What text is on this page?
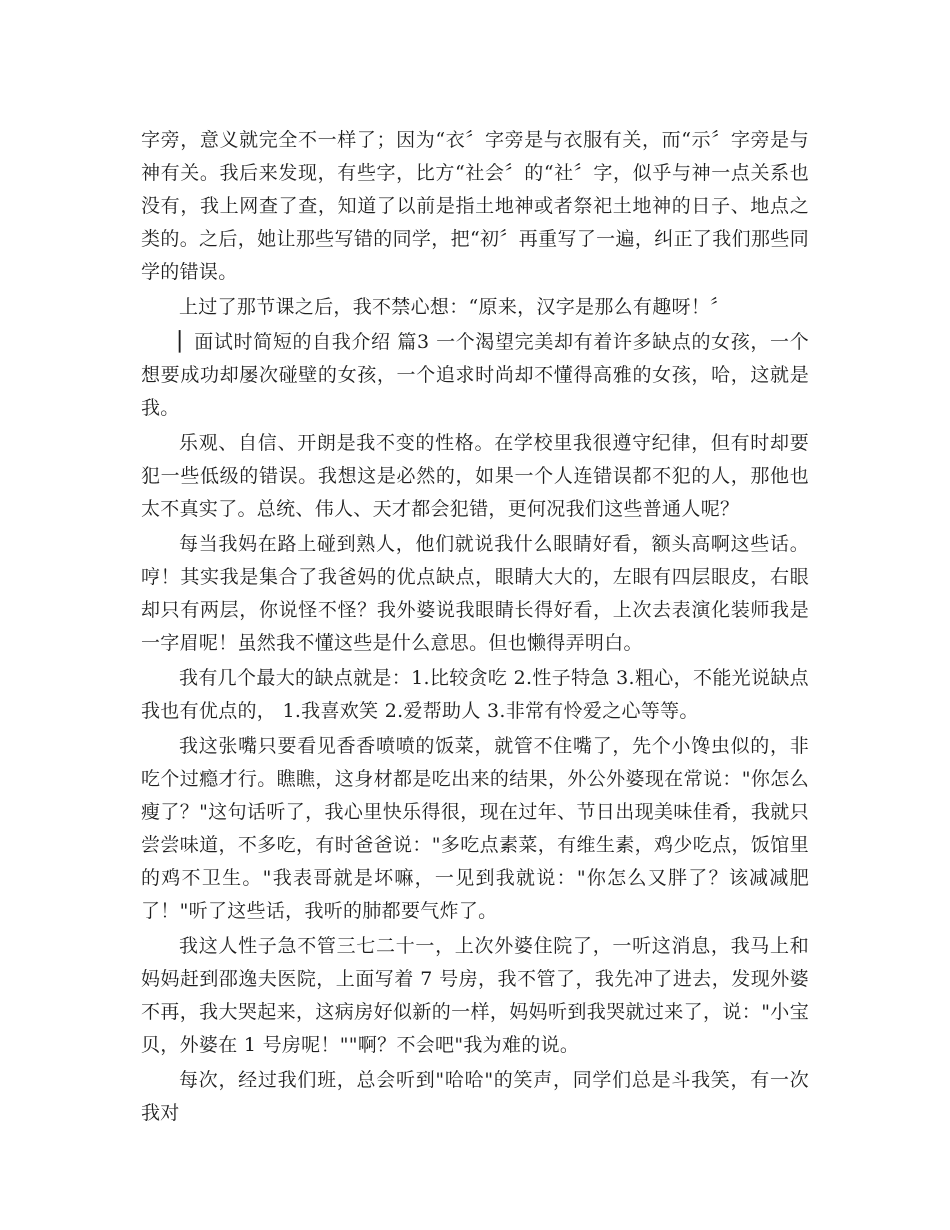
字旁，意义就完全不一样了；因为“衣〞字旁是与衣服有关，而“示〞字旁是与神有关。我后来发现，有些字，比方“社会〞的“社〞字，似乎与神一点关系也没有，我上网查了查，知道了以前是指土地神或者祭祀土地神的日子、地点之类的。之后，她让那些写错的同学，把“初〞再重写了一遍，纠正了我们那些同学的错误。

上过了那节课之后，我不禁心想：“原来，汉字是那么有趣呀！〞

▏面试时简短的自我介绍 篇3 一个渴望完美却有着许多缺点的女孩，一个想要成功却屡次碰壁的女孩，一个追求时尚却不懂得高雅的女孩，哈，这就是我。

乐观、自信、开朗是我不变的性格。在学校里我很遵守纪律，但有时却要犯一些低级的错误。我想这是必然的，如果一个人连错误都不犯的人，那他也太不真实了。总统、伟人、天才都会犯错，更何况我们这些普通人呢？

每当我妈在路上碰到熟人，他们就说我什么眼睛好看，额头高啊这些话。哼！其实我是集合了我爸妈的优点缺点，眼睛大大的，左眼有四层眼皮，右眼却只有两层，你说怪不怪？我外婆说我眼睛长得好看，上次去表演化装师我是一字眉呢！虽然我不懂这些是什么意思。但也懒得弄明白。

我有几个最大的缺点就是：1.比较贪吃 2.性子特急 3.粗心，不能光说缺点我也有优点的， 1.我喜欢笑 2.爱帮助人 3.非常有怜爱之心等等。

我这张嘴只要看见香香喷喷的饭菜，就管不住嘴了，先个小馋虫似的，非吃个过瘾才行。瞧瞧，这身材都是吃出来的结果，外公外婆现在常说："你怎么瘦了？"这句话听了，我心里快乐得很，现在过年、节日出现美味佳肴，我就只尝尝味道，不多吃，有时爸爸说："多吃点素菜，有维生素，鸡少吃点，饭馆里的鸡不卫生。"我表哥就是坏嘛，一见到我就说："你怎么又胖了？该减减肥了！"听了这些话，我听的肺都要气炸了。

我这人性子急不管三七二十一，上次外婆住院了，一听这消息，我马上和妈妈赶到邵逸夫医院，上面写着 7 号房，我不管了，我先冲了进去，发现外婆不再，我大哭起来，这病房好似新的一样，妈妈听到我哭就过来了，说："小宝贝，外婆在 1 号房呢！""啊？不会吧"我为难的说。

每次，经过我们班，总会听到"哈哈"的笑声，同学们总是斗我笑，有一次我对
